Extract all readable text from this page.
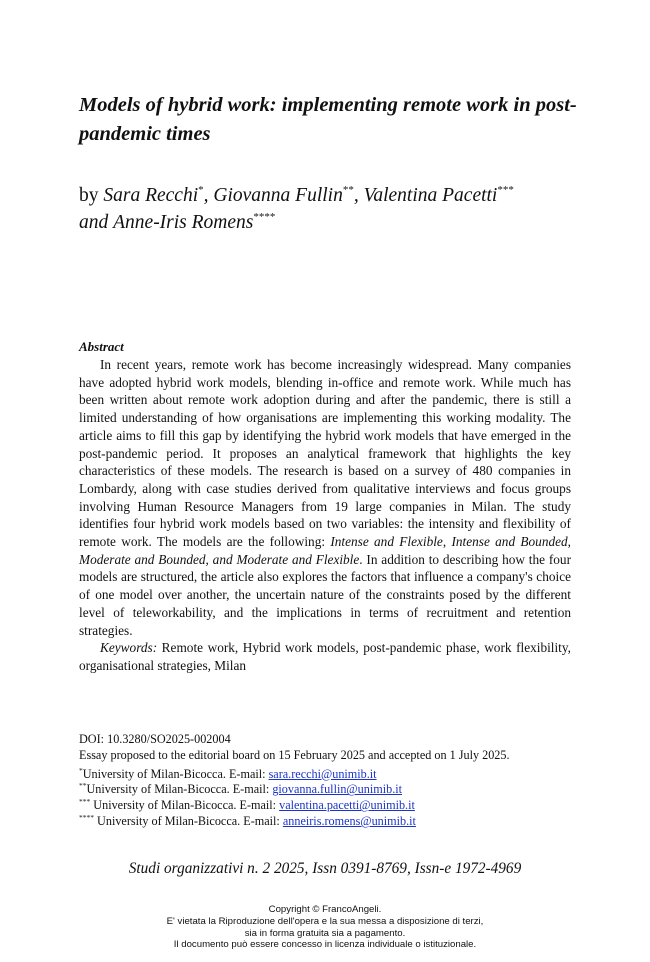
Models of hybrid work: implementing remote work in post-pandemic times
by Sara Recchi*, Giovanna Fullin**, Valentina Pacetti***
and Anne-Iris Romens****
Abstract

In recent years, remote work has become increasingly widespread. Many companies have adopted hybrid work models, blending in-office and remote work. While much has been written about remote work adoption during and after the pandemic, there is still a limited understanding of how organisations are implementing this working modality. The article aims to fill this gap by identifying the hybrid work models that have emerged in the post-pandemic period. It proposes an analytical framework that highlights the key characteristics of these models. The research is based on a survey of 480 companies in Lombardy, along with case studies derived from qualitative interviews and focus groups involving Human Resource Managers from 19 large companies in Milan. The study identifies four hybrid work models based on two variables: the intensity and flexibility of remote work. The models are the following: Intense and Flexible, Intense and Bounded, Moderate and Bounded, and Moderate and Flexible. In addition to describing how the four models are structured, the article also explores the factors that influence a company's choice of one model over another, the uncertain nature of the constraints posed by the different level of teleworkability, and the implications in terms of recruitment and retention strategies.

Keywords: Remote work, Hybrid work models, post-pandemic phase, work flexibility, organisational strategies, Milan

DOI: 10.3280/SO2025-002004
Essay proposed to the editorial board on 15 February 2025 and accepted on 1 July 2025.
*University of Milan-Bicocca. E-mail: sara.recchi@unimib.it
**University of Milan-Bicocca. E-mail: giovanna.fullin@unimib.it
*** University of Milan-Bicocca. E-mail: valentina.pacetti@unimib.it
**** University of Milan-Bicocca. E-mail: anneiris.romens@unimib.it
Studi organizzativi n. 2 2025, Issn 0391-8769, Issn-e 1972-4969
Copyright © FrancoAngeli.
E' vietata la Riproduzione dell'opera e la sua messa a disposizione di terzi,
sia in forma gratuita sia a pagamento.
Il documento può essere concesso in licenza individuale o istituzionale.
